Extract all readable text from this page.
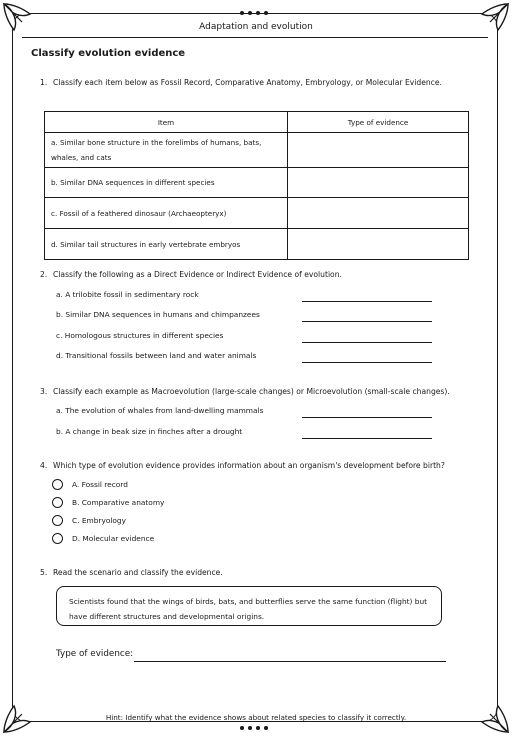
Adaptation and evolution
Classify evolution evidence
1. Classify each item below as Fossil Record, Comparative Anatomy, Embryology, or Molecular Evidence.
Item	Type of evidence
a. Similar bone structure in the forelimbs of humans, bats, whales, and cats	
b. Similar DNA sequences in different species	
c. Fossil of a feathered dinosaur (Archaeopteryx)	
d. Similar tail structures in early vertebrate embryos	
2. Classify the following as a Direct Evidence or Indirect Evidence of evolution.
a. A trilobite fossil in sedimentary rock
b. Similar DNA sequences in humans and chimpanzees
c. Homologous structures in different species
d. Transitional fossils between land and water animals
3. Classify each example as Macroevolution (large-scale changes) or Microevolution (small-scale changes).
a. The evolution of whales from land-dwelling mammals
b. A change in beak size in finches after a drought
4. Which type of evolution evidence provides information about an organism's development before birth?
A. Fossil record
B. Comparative anatomy
C. Embryology
D. Molecular evidence
5. Read the scenario and classify the evidence.
Scientists found that the wings of birds, bats, and butterflies serve the same function (flight) but have different structures and developmental origins.
Type of evidence:
Hint: Identify what the evidence shows about related species to classify it correctly.
